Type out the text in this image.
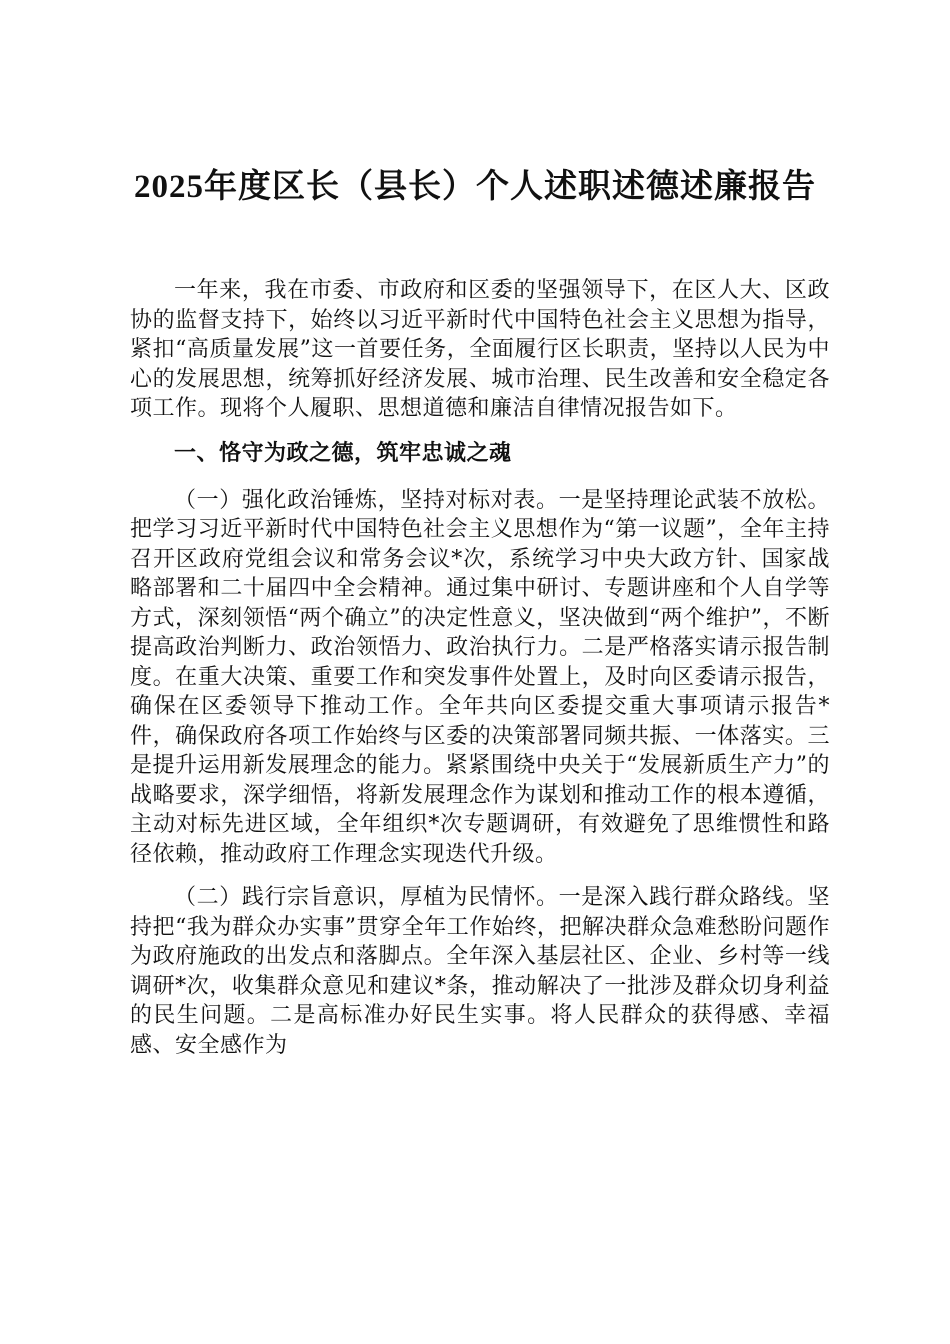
2025年度区长（县长）个人述职述德述廉报告

一年来，我在市委、市政府和区委的坚强领导下，在区人大、区政协的监督支持下，始终以习近平新时代中国特色社会主义思想为指导，紧扣“高质量发展”这一首要任务，全面履行区长职责，坚持以人民为中心的发展思想，统筹抓好经济发展、城市治理、民生改善和安全稳定各项工作。现将个人履职、思想道德和廉洁自律情况报告如下。

一、恪守为政之德，筑牢忠诚之魂

（一）强化政治锤炼，坚持对标对表。一是坚持理论武装不放松。把学习习近平新时代中国特色社会主义思想作为“第一议题”，全年主持召开区政府党组会议和常务会议*次，系统学习中央大政方针、国家战略部署和二十届四中全会精神。通过集中研讨、专题讲座和个人自学等方式，深刻领悟“两个确立”的决定性意义，坚决做到“两个维护”，不断提高政治判断力、政治领悟力、政治执行力。二是严格落实请示报告制度。在重大决策、重要工作和突发事件处置上，及时向区委请示报告，确保在区委领导下推动工作。全年共向区委提交重大事项请示报告*件，确保政府各项工作始终与区委的决策部署同频共振、一体落实。三是提升运用新发展理念的能力。紧紧围绕中央关于“发展新质生产力”的战略要求，深学细悟，将新发展理念作为谋划和推动工作的根本遵循，主动对标先进区域，全年组织*次专题调研，有效避免了思维惯性和路径依赖，推动政府工作理念实现迭代升级。

（二）践行宗旨意识，厚植为民情怀。一是深入践行群众路线。坚持把“我为群众办实事”贯穿全年工作始终，把解决群众急难愁盼问题作为政府施政的出发点和落脚点。全年深入基层社区、企业、乡村等一线调研*次，收集群众意见和建议*条，推动解决了一批涉及群众切身利益的民生问题。二是高标准办好民生实事。将人民群众的获得感、幸福感、安全感作为
